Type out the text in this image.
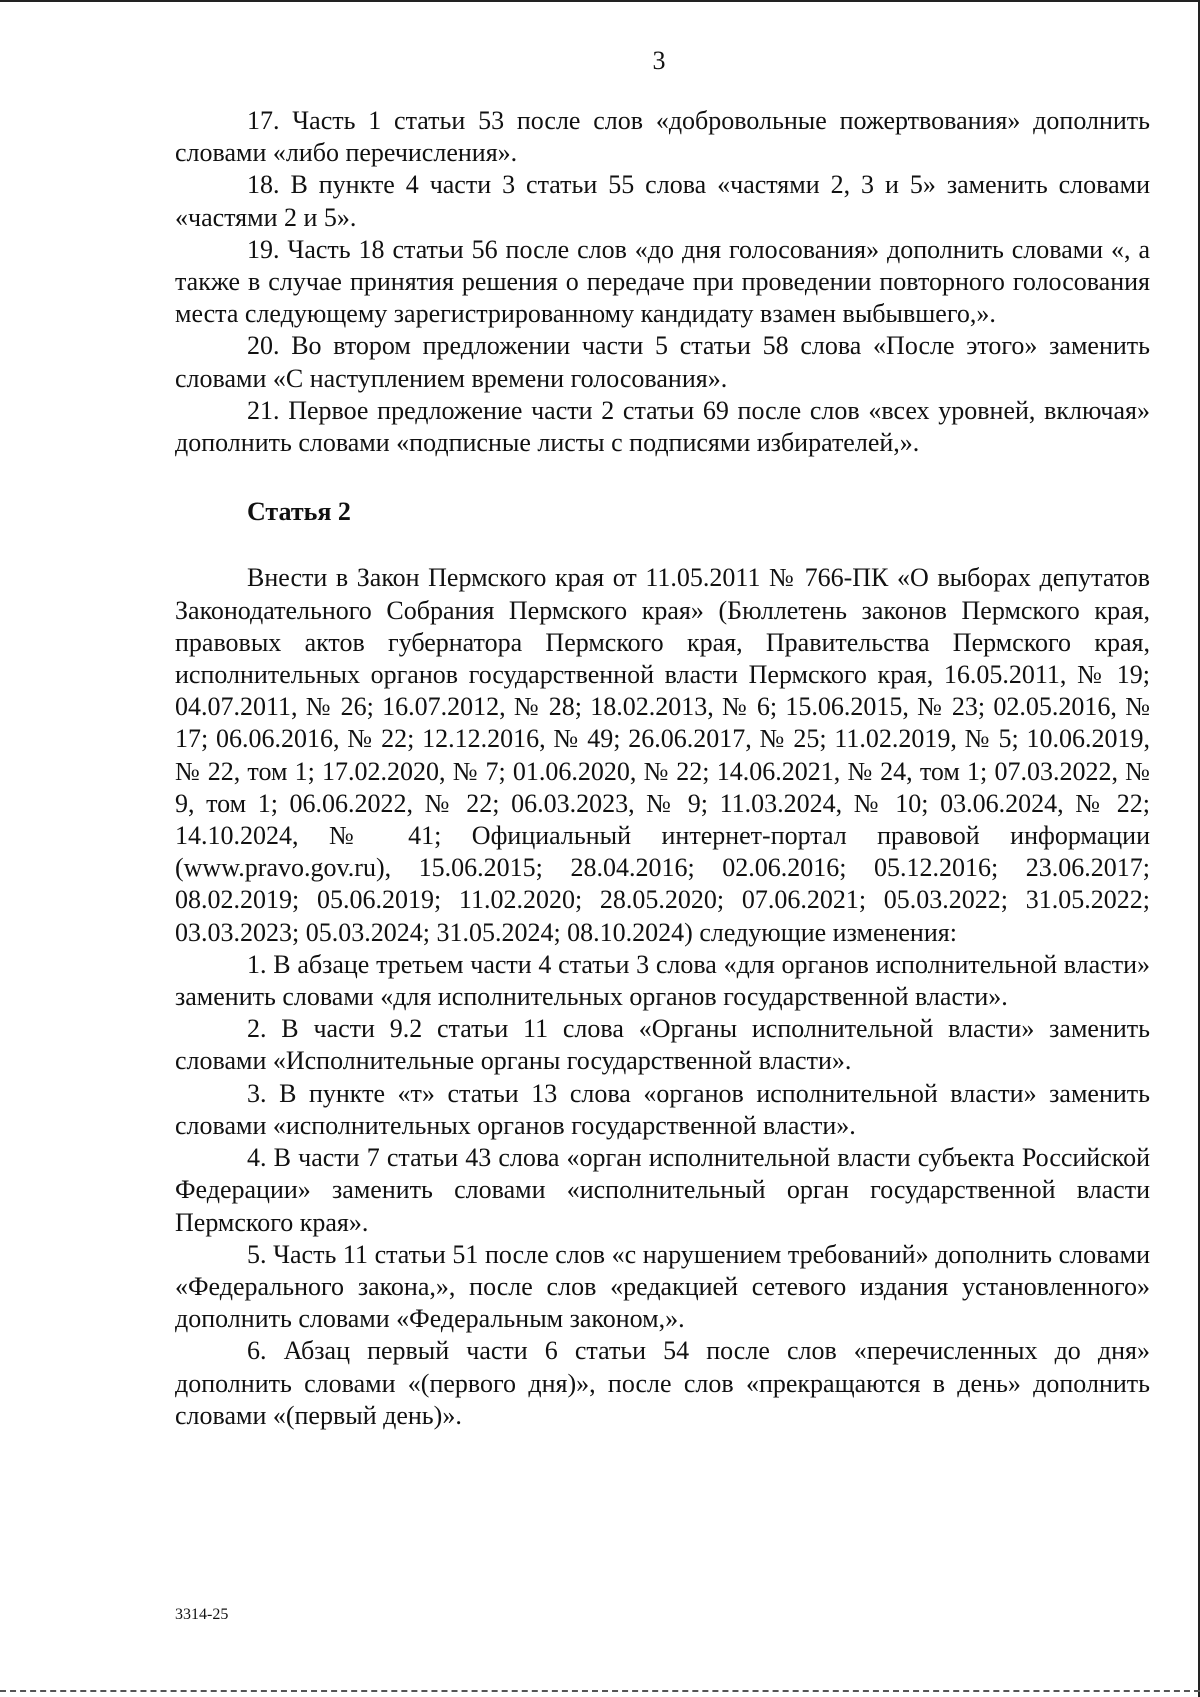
3

17. Часть 1 статьи 53 после слов «добровольные пожертвования» дополнить словами «либо перечисления».

18. В пункте 4 части 3 статьи 55 слова «частями 2, 3 и 5» заменить словами «частями 2 и 5».

19. Часть 18 статьи 56 после слов «до дня голосования» дополнить словами «, а также в случае принятия решения о передаче при проведении повторного голосования места следующему зарегистрированному кандидату взамен выбывшего,».

20. Во втором предложении части 5 статьи 58 слова «После этого» заменить словами «С наступлением времени голосования».

21. Первое предложение части 2 статьи 69 после слов «всех уровней, включая» дополнить словами «подписные листы с подписями избирателей,».

Статья 2

Внести в Закон Пермского края от 11.05.2011 № 766-ПК «О выборах депутатов Законодательного Собрания Пермского края» (Бюллетень законов Пермского края, правовых актов губернатора Пермского края, Правительства Пермского края, исполнительных органов государственной власти Пермского края, 16.05.2011, № 19; 04.07.2011, № 26; 16.07.2012, № 28; 18.02.2013, № 6; 15.06.2015, № 23; 02.05.2016, № 17; 06.06.2016, № 22; 12.12.2016, № 49; 26.06.2017, № 25; 11.02.2019, № 5; 10.06.2019, № 22, том 1; 17.02.2020, № 7; 01.06.2020, № 22; 14.06.2021, № 24, том 1; 07.03.2022, № 9, том 1; 06.06.2022, № 22; 06.03.2023, № 9; 11.03.2024, № 10; 03.06.2024, № 22; 14.10.2024, № 41; Официальный интернет-портал правовой информации (www.pravo.gov.ru), 15.06.2015; 28.04.2016; 02.06.2016; 05.12.2016; 23.06.2017; 08.02.2019; 05.06.2019; 11.02.2020; 28.05.2020; 07.06.2021; 05.03.2022; 31.05.2022; 03.03.2023; 05.03.2024; 31.05.2024; 08.10.2024) следующие изменения:

1. В абзаце третьем части 4 статьи 3 слова «для органов исполнительной власти» заменить словами «для исполнительных органов государственной власти».

2. В части 9.2 статьи 11 слова «Органы исполнительной власти» заменить словами «Исполнительные органы государственной власти».

3. В пункте «т» статьи 13 слова «органов исполнительной власти» заменить словами «исполнительных органов государственной власти».

4. В части 7 статьи 43 слова «орган исполнительной власти субъекта Российской Федерации» заменить словами «исполнительный орган государственной власти Пермского края».

5. Часть 11 статьи 51 после слов «с нарушением требований» дополнить словами «Федерального закона,», после слов «редакцией сетевого издания установленного» дополнить словами «Федеральным законом,».

6. Абзац первый части 6 статьи 54 после слов «перечисленных до дня» дополнить словами «(первого дня)», после слов «прекращаются в день» дополнить словами «(первый день)».

3314-25
